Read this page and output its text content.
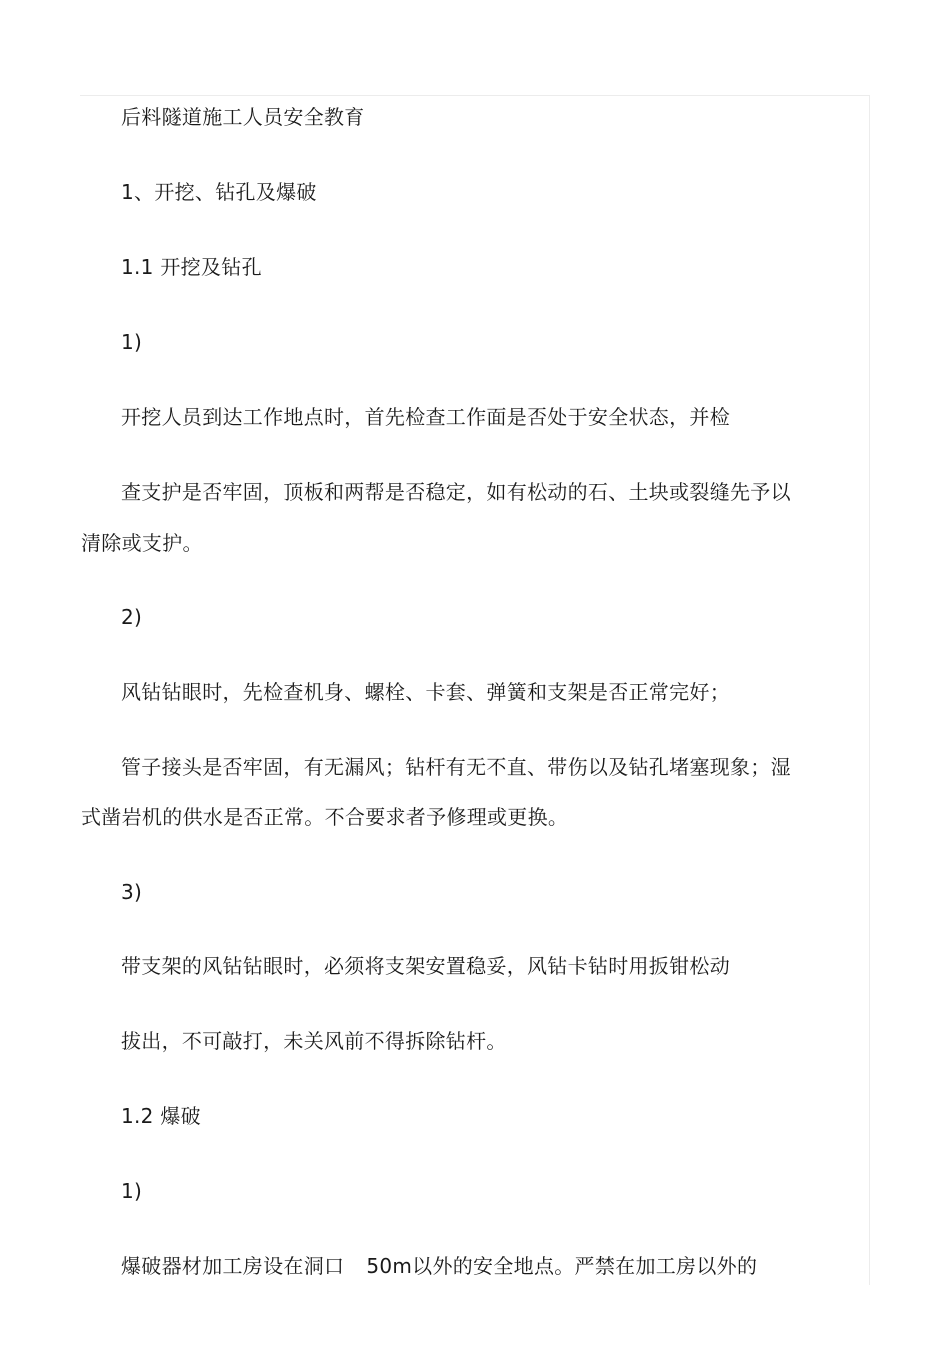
后料隧道施工人员安全教育
1、开挖、钻孔及爆破
1.1 开挖及钻孔
1)
开挖人员到达工作地点时，首先检查工作面是否处于安全状态，并检
查支护是否牢固，顶板和两帮是否稳定，如有松动的石、土块或裂缝先予以
清除或支护。
2)
风钻钻眼时，先检查机身、螺栓、卡套、弹簧和支架是否正常完好；
管子接头是否牢固，有无漏风；钻杆有无不直、带伤以及钻孔堵塞现象；湿
式凿岩机的供水是否正常。不合要求者予修理或更换。
3)
带支架的风钻钻眼时，必须将支架安置稳妥，风钻卡钻时用扳钳松动
拔出，不可敲打，未关风前不得拆除钻杆。
1.2 爆破
1)
爆破器材加工房设在洞口 50m以外的安全地点。严禁在加工房以外的
